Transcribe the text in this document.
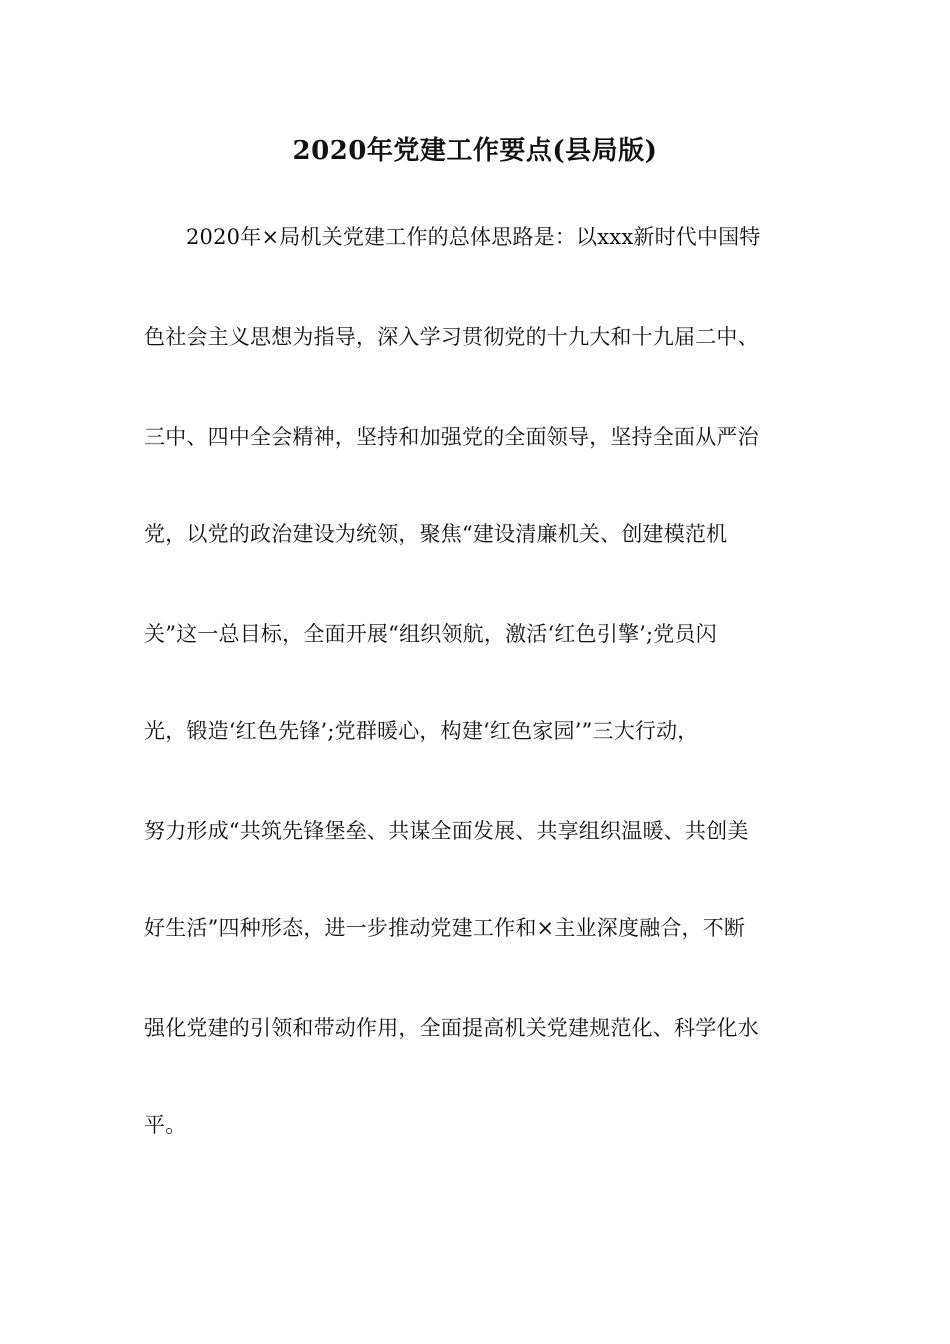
2020年党建工作要点(县局版)
2020年×局机关党建工作的总体思路是：以xxx新时代中国特
色社会主义思想为指导，深入学习贯彻党的十九大和十九届二中、
三中、四中全会精神，坚持和加强党的全面领导，坚持全面从严治
党，以党的政治建设为统领，聚焦“建设清廉机关、创建模范机
关”这一总目标，全面开展“组织领航，激活‘红色引擎’;党员闪
光，锻造‘红色先锋’;党群暖心，构建‘红色家园’”三大行动，
努力形成“共筑先锋堡垒、共谋全面发展、共享组织温暖、共创美
好生活”四种形态，进一步推动党建工作和×主业深度融合，不断
强化党建的引领和带动作用，全面提高机关党建规范化、科学化水
平。
